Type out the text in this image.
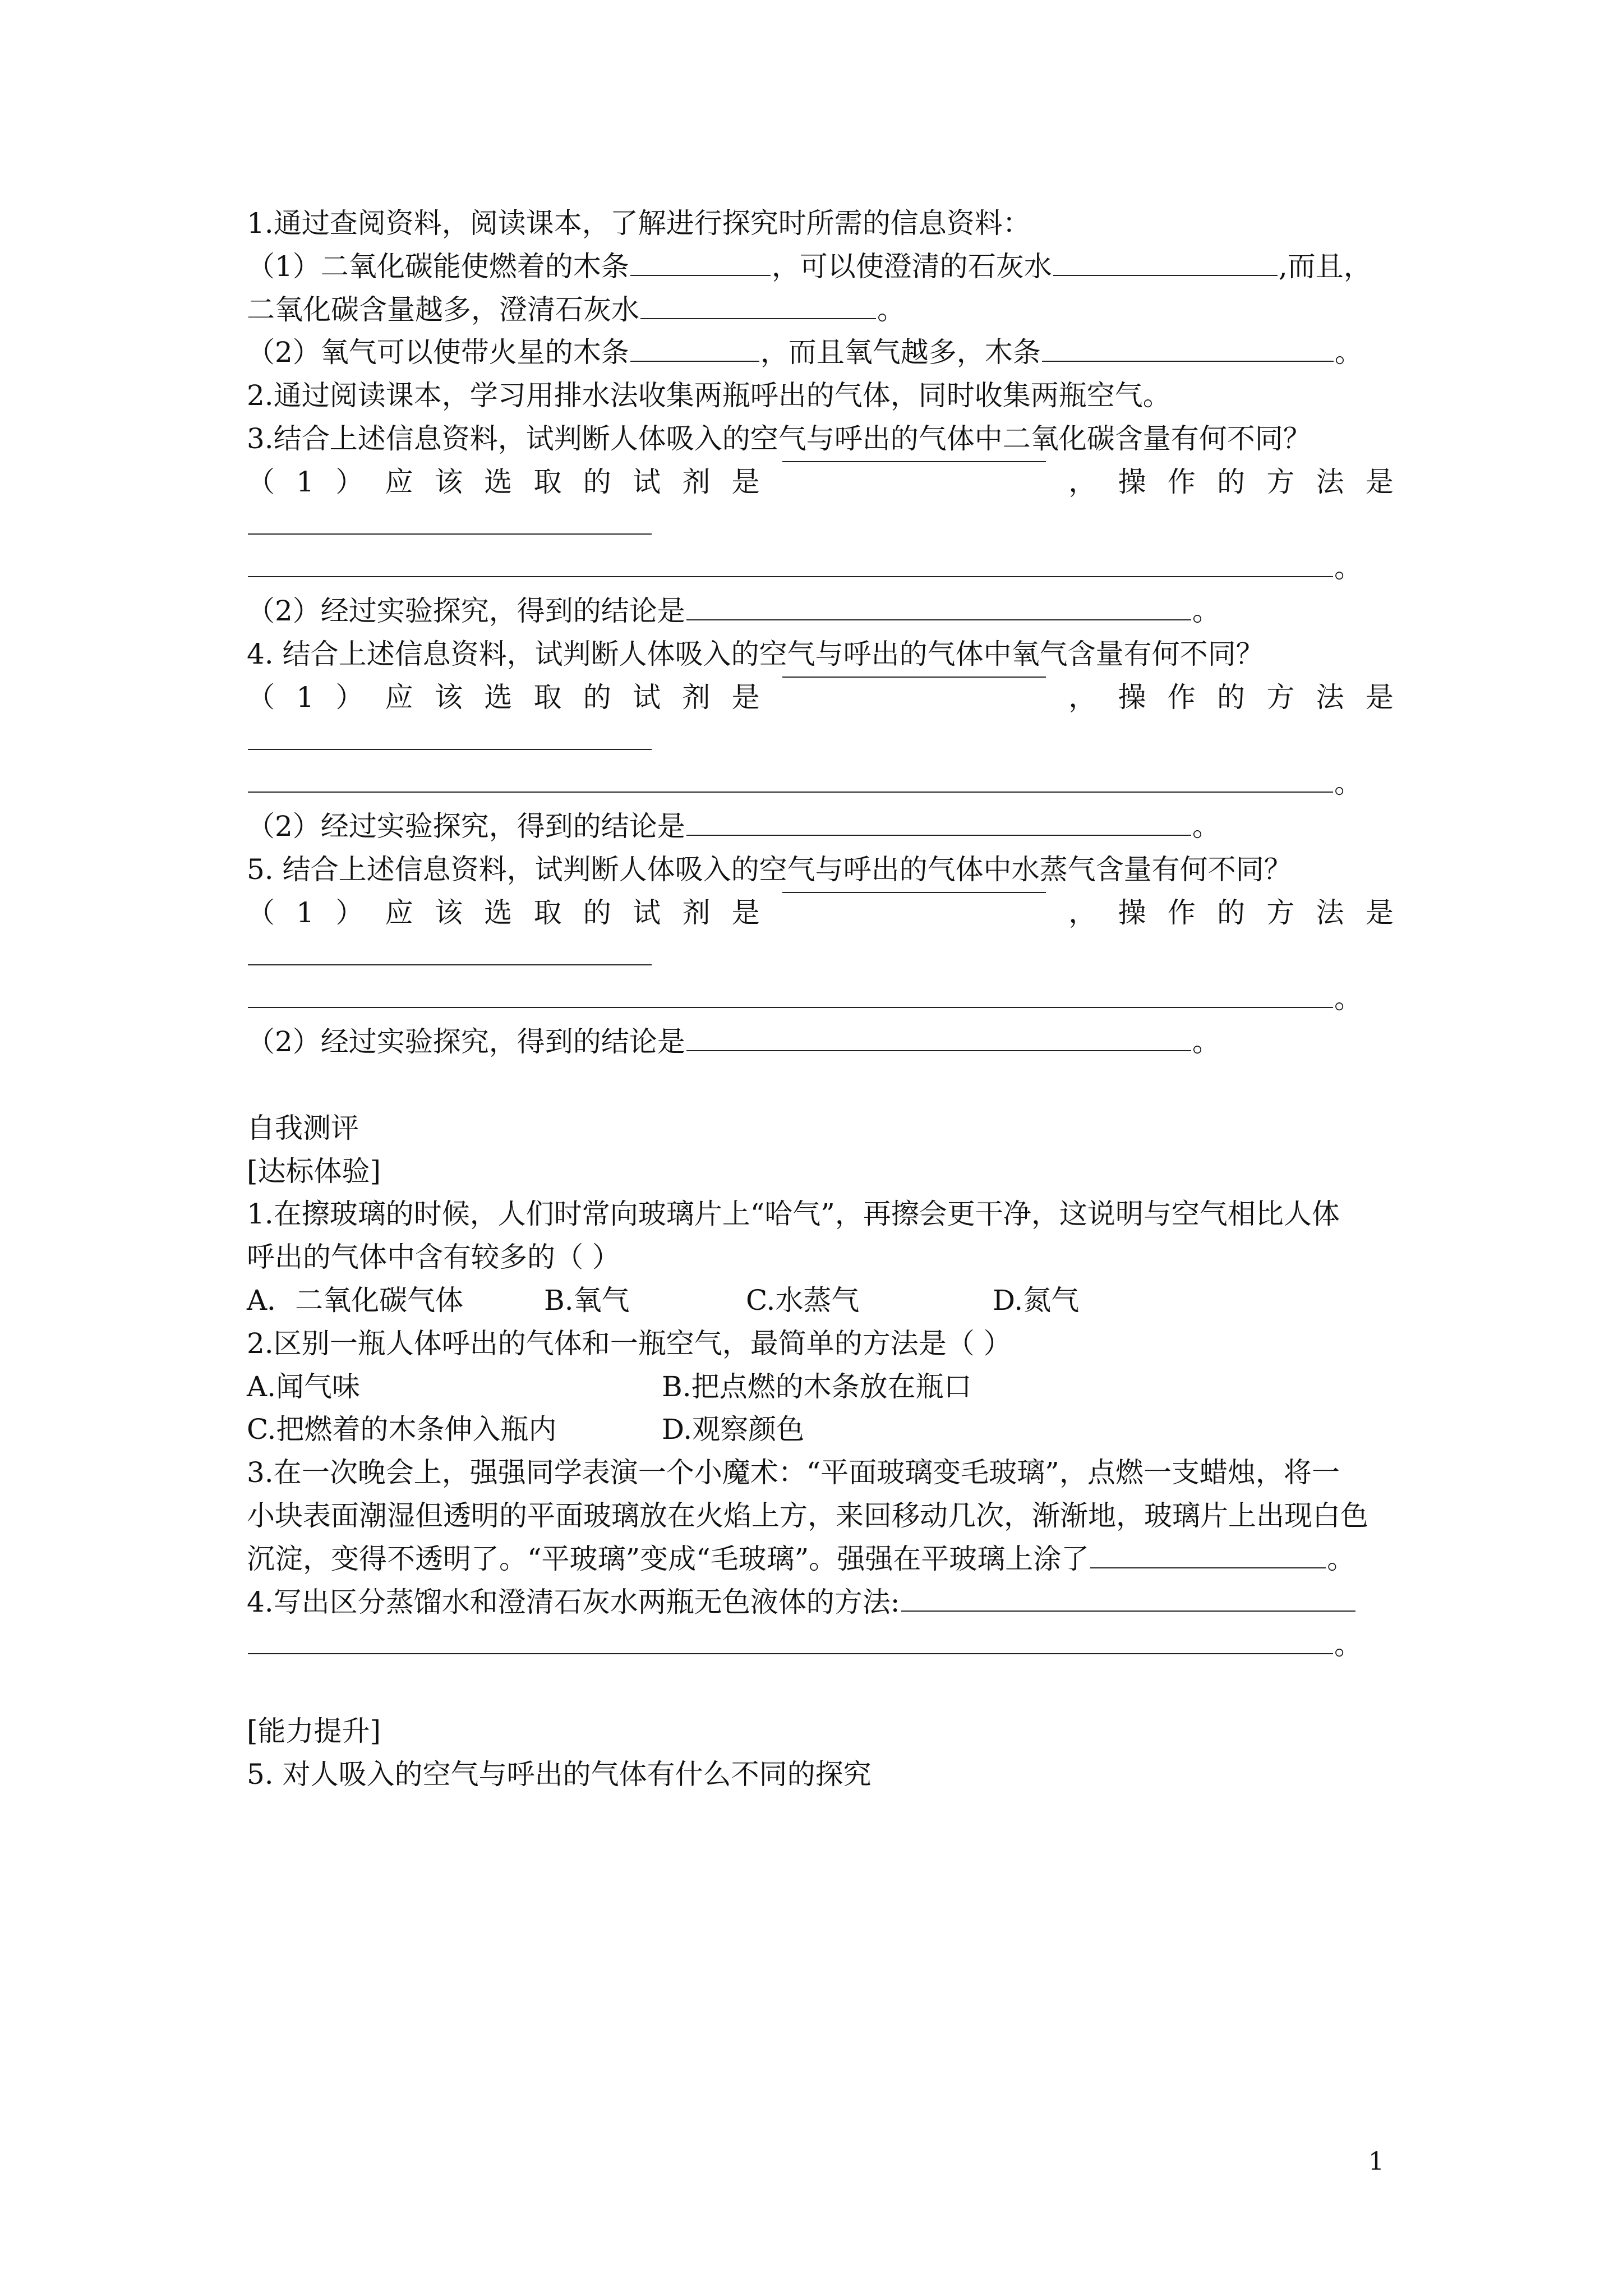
1.通过查阅资料，阅读课本，了解进行探究时所需的信息资料：
（1）二氧化碳能使燃着的木条	，可以使澄清的石灰水	,而且，
二氧化碳含量越多，澄清石灰水	。
（2）氧气可以使带火星的木条	，而且氧气越多，木条	。
2.通过阅读课本，学习用排水法收集两瓶呼出的气体，同时收集两瓶空气。
3.结合上述信息资料，试判断人体吸入的空气与呼出的气体中二氧化碳含量有何不同？
（ 1 ） 应 该 选 取 的 试 剂 是	， 操 作 的 方 法 是
。
（2）经过实验探究，得到的结论是	。
4. 结合上述信息资料，试判断人体吸入的空气与呼出的气体中氧气含量有何不同？
（ 1 ） 应 该 选 取 的 试 剂 是	， 操 作 的 方 法 是
。
（2）经过实验探究，得到的结论是	。
5. 结合上述信息资料，试判断人体吸入的空气与呼出的气体中水蒸气含量有何不同？
（ 1 ） 应 该 选 取 的 试 剂 是	， 操 作 的 方 法 是
。
（2）经过实验探究，得到的结论是	。
自我测评
[达标体验]
1.在擦玻璃的时候，人们时常向玻璃片上“哈气”，再擦会更干净，这说明与空气相比人体
呼出的气体中含有较多的（ ）
A．二氧化碳气体	B.氧气	C.水蒸气	D.氮气
2.区别一瓶人体呼出的气体和一瓶空气，最简单的方法是（ ）
A.闻气味	B.把点燃的木条放在瓶口
C.把燃着的木条伸入瓶内	D.观察颜色
3.在一次晚会上，强强同学表演一个小魔术：“平面玻璃变毛玻璃”，点燃一支蜡烛，将一
小块表面潮湿但透明的平面玻璃放在火焰上方，来回移动几次，渐渐地，玻璃片上出现白色
沉淀，变得不透明了。“平玻璃”变成“毛玻璃”。强强在平玻璃上涂了	。
4.写出区分蒸馏水和澄清石灰水两瓶无色液体的方法:
。
[能力提升]
5. 对人吸入的空气与呼出的气体有什么不同的探究
1
